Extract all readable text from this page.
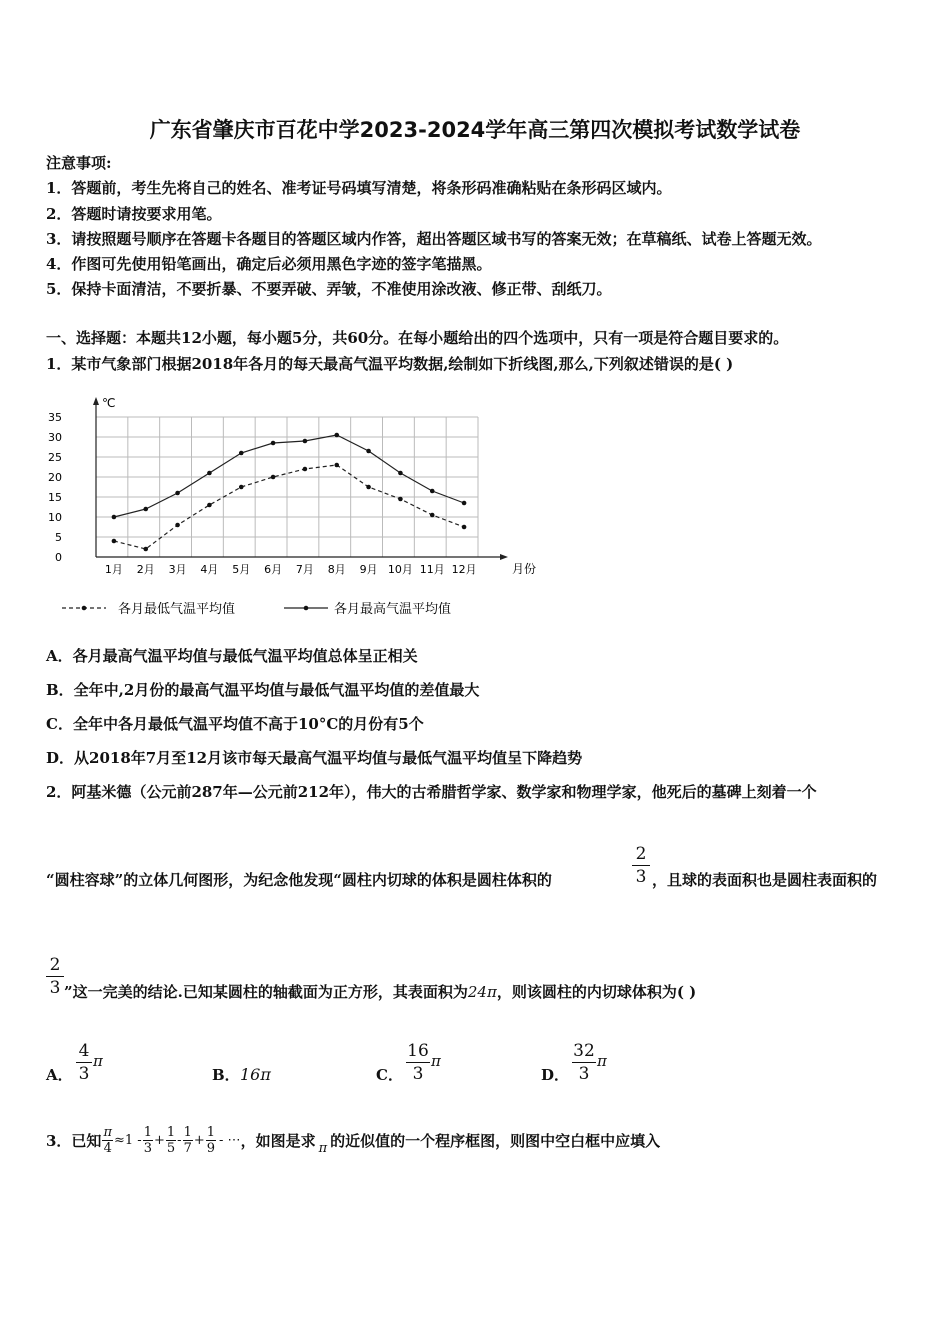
广东省肇庆市百花中学2023-2024学年高三第四次模拟考试数学试卷
注意事项:
1．答题前，考生先将自己的姓名、准考证号码填写清楚，将条形码准确粘贴在条形码区域内。
2．答题时请按要求用笔。
3．请按照题号顺序在答题卡各题目的答题区域内作答，超出答题区域书写的答案无效；在草稿纸、试卷上答题无效。
4．作图可先使用铅笔画出，确定后必须用黑色字迹的签字笔描黑。
5．保持卡面清洁，不要折暴、不要弄破、弄皱，不准使用涂改液、修正带、刮纸刀。
一、选择题：本题共12小题，每小题5分，共60分。在每小题给出的四个选项中，只有一项是符合题目要求的。
1．某市气象部门根据2018年各月的每天最高气温平均数据,绘制如下折线图,那么,下列叙述错误的是( )
℃
月份
0
5
10
15
20
25
30
35
1月 2月 3月 4月 5月 6月 7月 8月 9月 10月 11月 12月
各月最低气温平均值	各月最高气温平均值
A．各月最高气温平均值与最低气温平均值总体呈正相关
B．全年中,2月份的最高气温平均值与最低气温平均值的差值最大
C．全年中各月最低气温平均值不高于10°C的月份有5个
D．从2018年7月至12月该市每天最高气温平均值与最低气温平均值呈下降趋势
2．阿基米德（公元前287年—公元前212年），伟大的古希腊哲学家、数学家和物理学家，他死后的墓碑上刻着一个
“圆柱容球”的立体几何图形，为纪念他发现“圆柱内切球的体积是圆柱体积的	$\frac{2}{3}$ ，且球的表面积也是圆柱表面积的
$\frac{2}{3}$ ”这一完美的结论.已知某圆柱的轴截面为正方形，其表面积为24π，则该圆柱的内切球体积为( )
A． $\frac{4}{3}$ π
B． 16π	C． $\frac{16}{3}$ π
D． $\frac{32}{3}$ π
3．已知 $\frac{\pi}{4} \approx 1 - \frac{1}{3} + \frac{1}{5} - \frac{1}{7} + \frac{1}{9}$ - ⋯ ，如图是求 π 的近似值的一个程序框图，则图中空白框中应填入
